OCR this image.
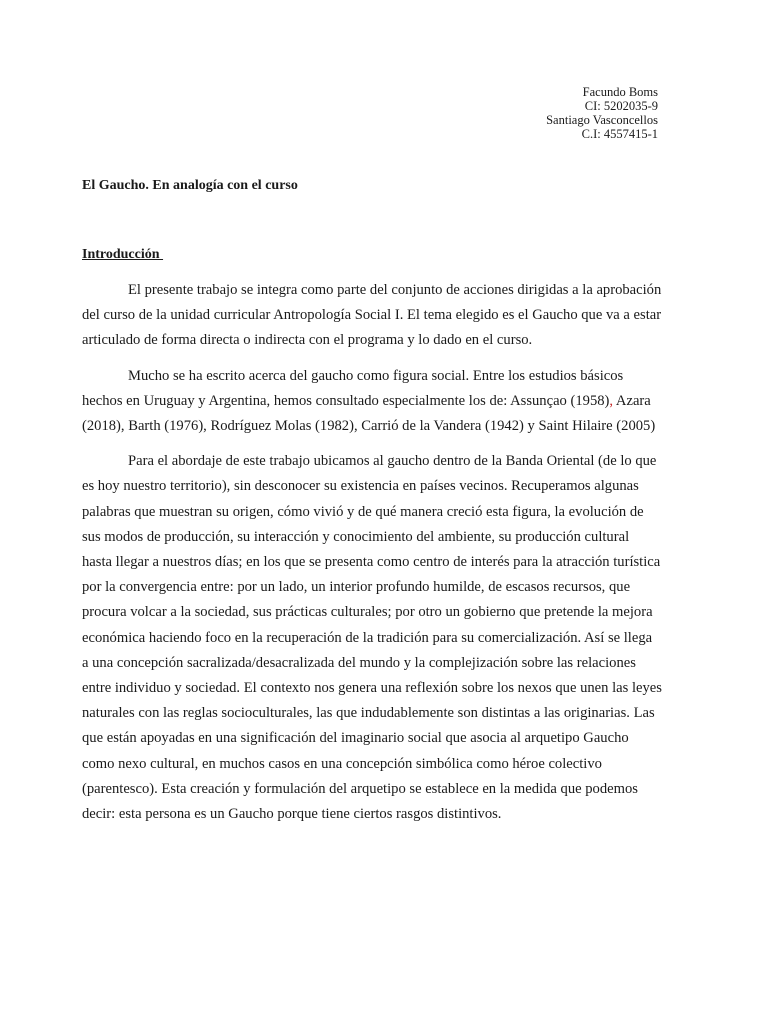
Facundo Boms
CI: 5202035-9
Santiago Vasconcellos
C.I: 4557415-1
El Gaucho. En analogía con el curso
Introducción

El presente trabajo se integra como parte del conjunto de acciones dirigidas a la aprobación del curso de la unidad curricular Antropología Social I. El tema elegido es el Gaucho que va a estar articulado de forma directa o indirecta con el programa y lo dado en el curso.

Mucho se ha escrito acerca del gaucho como figura social. Entre los estudios básicos hechos en Uruguay y Argentina, hemos consultado especialmente los de: Assunçao (1958), Azara (2018), Barth (1976), Rodríguez Molas (1982), Carrió de la Vandera (1942) y Saint Hilaire (2005)

Para el abordaje de este trabajo ubicamos al gaucho dentro de la Banda Oriental (de lo que es hoy nuestro territorio), sin desconocer su existencia en países vecinos. Recuperamos algunas palabras que muestran su origen, cómo vivió y de qué manera creció esta figura, la evolución de sus modos de producción, su interacción y conocimiento del ambiente, su producción cultural hasta llegar a nuestros días; en los que se presenta como centro de interés para la atracción turística por la convergencia entre: por un lado, un interior profundo humilde, de escasos recursos, que procura volcar a la sociedad, sus prácticas culturales; por otro un gobierno que pretende la mejora económica haciendo foco en la recuperación de la tradición para su comercialización. Así se llega a una concepción sacralizada/desacralizada del mundo y la complejización sobre las relaciones entre individuo y sociedad. El contexto nos genera una reflexión sobre los nexos que unen las leyes naturales con las reglas socioculturales, las que indudablemente son distintas a las originarias. Las que están apoyadas en una significación del imaginario social que asocia al arquetipo Gaucho como nexo cultural, en muchos casos en una concepción simbólica como héroe colectivo (parentesco). Esta creación y formulación del arquetipo se establece en la medida que podemos decir: esta persona es un Gaucho porque tiene ciertos rasgos distintivos.
